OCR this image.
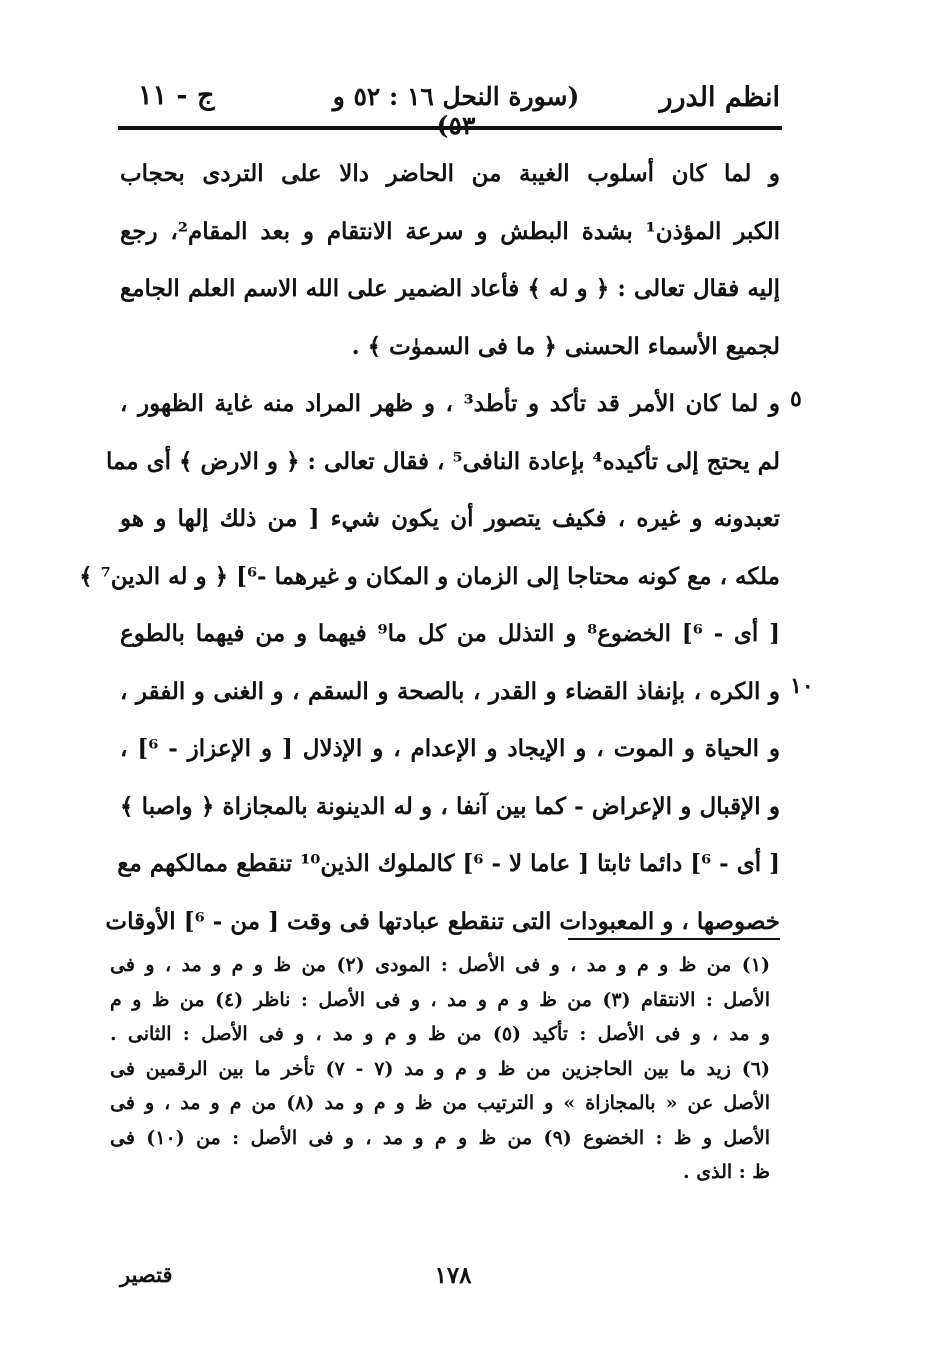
انظم الدرر
(سورة النحل ١٦ : ٥٢ و
ج - ١١
و لما كان أسلوب الغيبة من الحاضر دالا على التردى بحجاب
الكبر المؤذن¹ بشدة البطش و سرعة الانتقام و بعد المقام²، رجع
إليه فقال تعالى : ﴿ و له ﴾ فأعاد الضمير على الله الاسم العلم الجامع
لجميع الأسماء الحسنى ﴿ ما فى السموٰت ﴾ .
و لما كان الأمر قد تأكد و تأطد³ ، و ظهر المراد منه غاية الظهور ،
لم يحتج إلى تأكيده⁴ بإعادة النافى⁵ ، فقال تعالى : ﴿ و الارض ﴾ أى مما
تعبدونه و غيره ، فكيف يتصور أن يكون شيء [ من ذلك إلها و هو
ملكه ، مع كونه محتاجا إلى الزمان و المكان و غيرهما -⁶] ﴿ و له الدين⁷ ﴾
[ أى - ⁶] الخضوع⁸ و التذلل من كل ما⁹ فيهما و من فيهما بالطوع
و الكره ، بإنفاذ القضاء و القدر ، بالصحة و السقم ، و الغنى و الفقر ،
و الحياة و الموت ، و الإيجاد و الإعدام ، و الإذلال [ و الإعزاز - ⁶] ،
و الإقبال و الإعراض - كما بين آنفا ، و له الدينونة بالمجازاة ﴿ واصبا ﴾
[ أى - ⁶] دائما ثابتا [ عاما لا - ⁶] كالملوك الذين¹⁰ تنقطع ممالكهم مع
خصوصها ، و المعبودات التى تنقطع عبادتها فى وقت [ من - ⁶] الأوقات
٥
١٠
(١) من ظ و م و مد ، و فى الأصل : المودى (٢) من ظ و م و مد ، و فى
الأصل : الانتقام (٣) من ظ و م و مد ، و فى الأصل : ناظر (٤) من ظ و م
و مد ، و فى الأصل : تأكيد (٥) من ظ و م و مد ، و فى الأصل : الثانى .
(٦) زيد ما بين الحاجزين من ظ و م و مد (٧ - ٧) تأخر ما بين الرقمين فى
الأصل عن « بالمجازاة » و الترتيب من ظ و م و مد (٨) من م و مد ، و فى
الأصل و ظ : الخضوع (٩) من ظ و م و مد ، و فى الأصل : من (١٠) فى
ظ : الذى .
١٧٨
قتصير
